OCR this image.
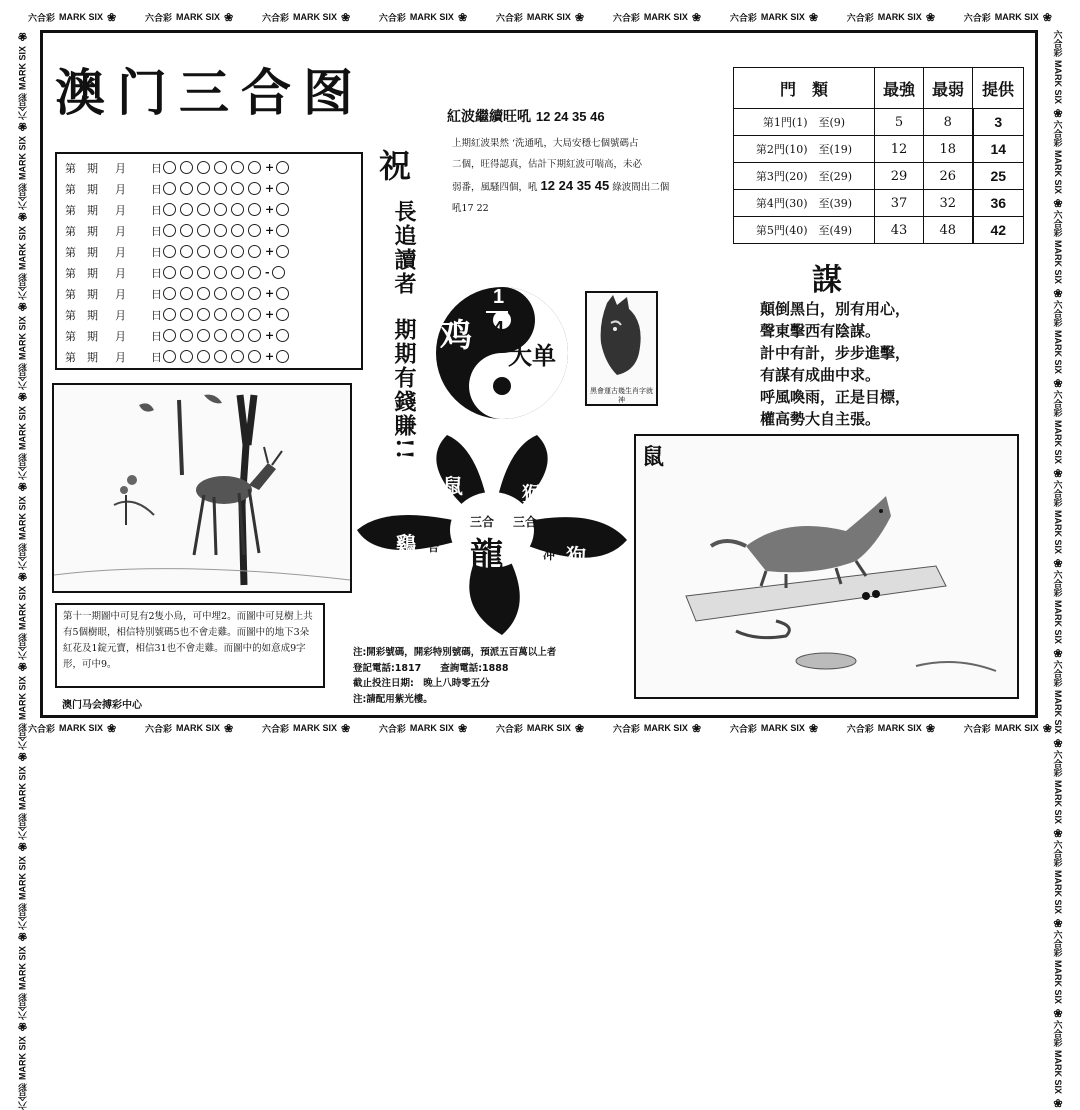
六合彩 MARK SIX ❀	六合彩 MARK SIX ❀	六合彩 MARK SIX ❀	六合彩 MARK SIX ❀	六合彩 MARK SIX ❀	六合彩 MARK SIX ❀	六合彩 MARK SIX ❀	六合彩 MARK SIX ❀	六合彩 MARK SIX ❀
六合彩 MARK SIX ❀	六合彩 MARK SIX ❀	六合彩 MARK SIX ❀	六合彩 MARK SIX ❀	六合彩 MARK SIX ❀	六合彩 MARK SIX ❀	六合彩 MARK SIX ❀	六合彩 MARK SIX ❀	六合彩 MARK SIX ❀
六合彩
MARK SIX
❀
六合彩
MARK SIX
❀
六合彩
MARK SIX
❀
六合彩
MARK SIX
❀
六合彩
MARK SIX
❀
六合彩
MARK SIX
❀
六合彩
MARK SIX
❀
六合彩
MARK SIX
❀
六合彩
MARK SIX
❀
六合彩
MARK SIX
❀
六合彩
MARK SIX
❀
六合彩
MARK SIX
❀
六合彩
MARK SIX
❀
六合彩
MARK SIX
❀
六合彩
MARK SIX
❀
六合彩
MARK SIX
❀
六合彩
MARK SIX
❀
六合彩
MARK SIX
❀
六合彩
MARK SIX
❀
六合彩
MARK SIX
❀
六合彩
MARK SIX
❀
六合彩
MARK SIX
❀
六合彩
MARK SIX
❀
六合彩
MARK SIX
❀
澳门三合图
第　期	月	日	+
第　期	月	日	+
第　期	月	日	+
第　期	月	日	+
第　期	月	日	+
第　期	月	日	-
第　期	月	日	+
第　期	月	日	+
第　期	月	日	+
第　期	月	日	+
祝
長追讀者
期期有錢賺!!
紅波繼續旺吼 12 24 35 46
上期紅波果然 ‘洗通吼，大局安穩七個號碼占
二個，旺得認真，估計下期紅波可喘高，未必
弱番，風騷四個，吼 12 24 35 45 綠波間出二個
吼17 22
門　類	最強	最弱	提供
第1門(1)　至(9)	5	8	3
第2門(10)　至(19)	12	18	14
第3門(20)　至(29)	29	26	25
第4門(30)　至(39)	37	32	36
第5門(40)　至(49)	43	48	42
謀
顛倒黑白，別有用心，
聲東擊西有陰謀。
計中有計，步步進擊，
有謀有成曲中求。
呼風喚雨，正是目標，
權高勢大自主張。
第十一期圖中可見有2隻小鳥，可中埋2。而圖中可見樹上共有5個樹眼，相信特別號碼5也不會走雞。而圖中的地下3朵紅花及1錠元寶，相信31也不會走雞。而圖中的如意成9字形，可中9。
澳门马会搏彩中心
鸡
1
4
大单
黑會運古幾生肖字就神
鼠	猴
三合 三合
鷄 六合 龍	冲 狗
注:開彩號碼，開彩特別號碼，預派五百萬以上者
登記電話:1817　　查詢電話:1888
截止投注日期:　晚上八時零五分
注:請配用紫光樓。
鼠
